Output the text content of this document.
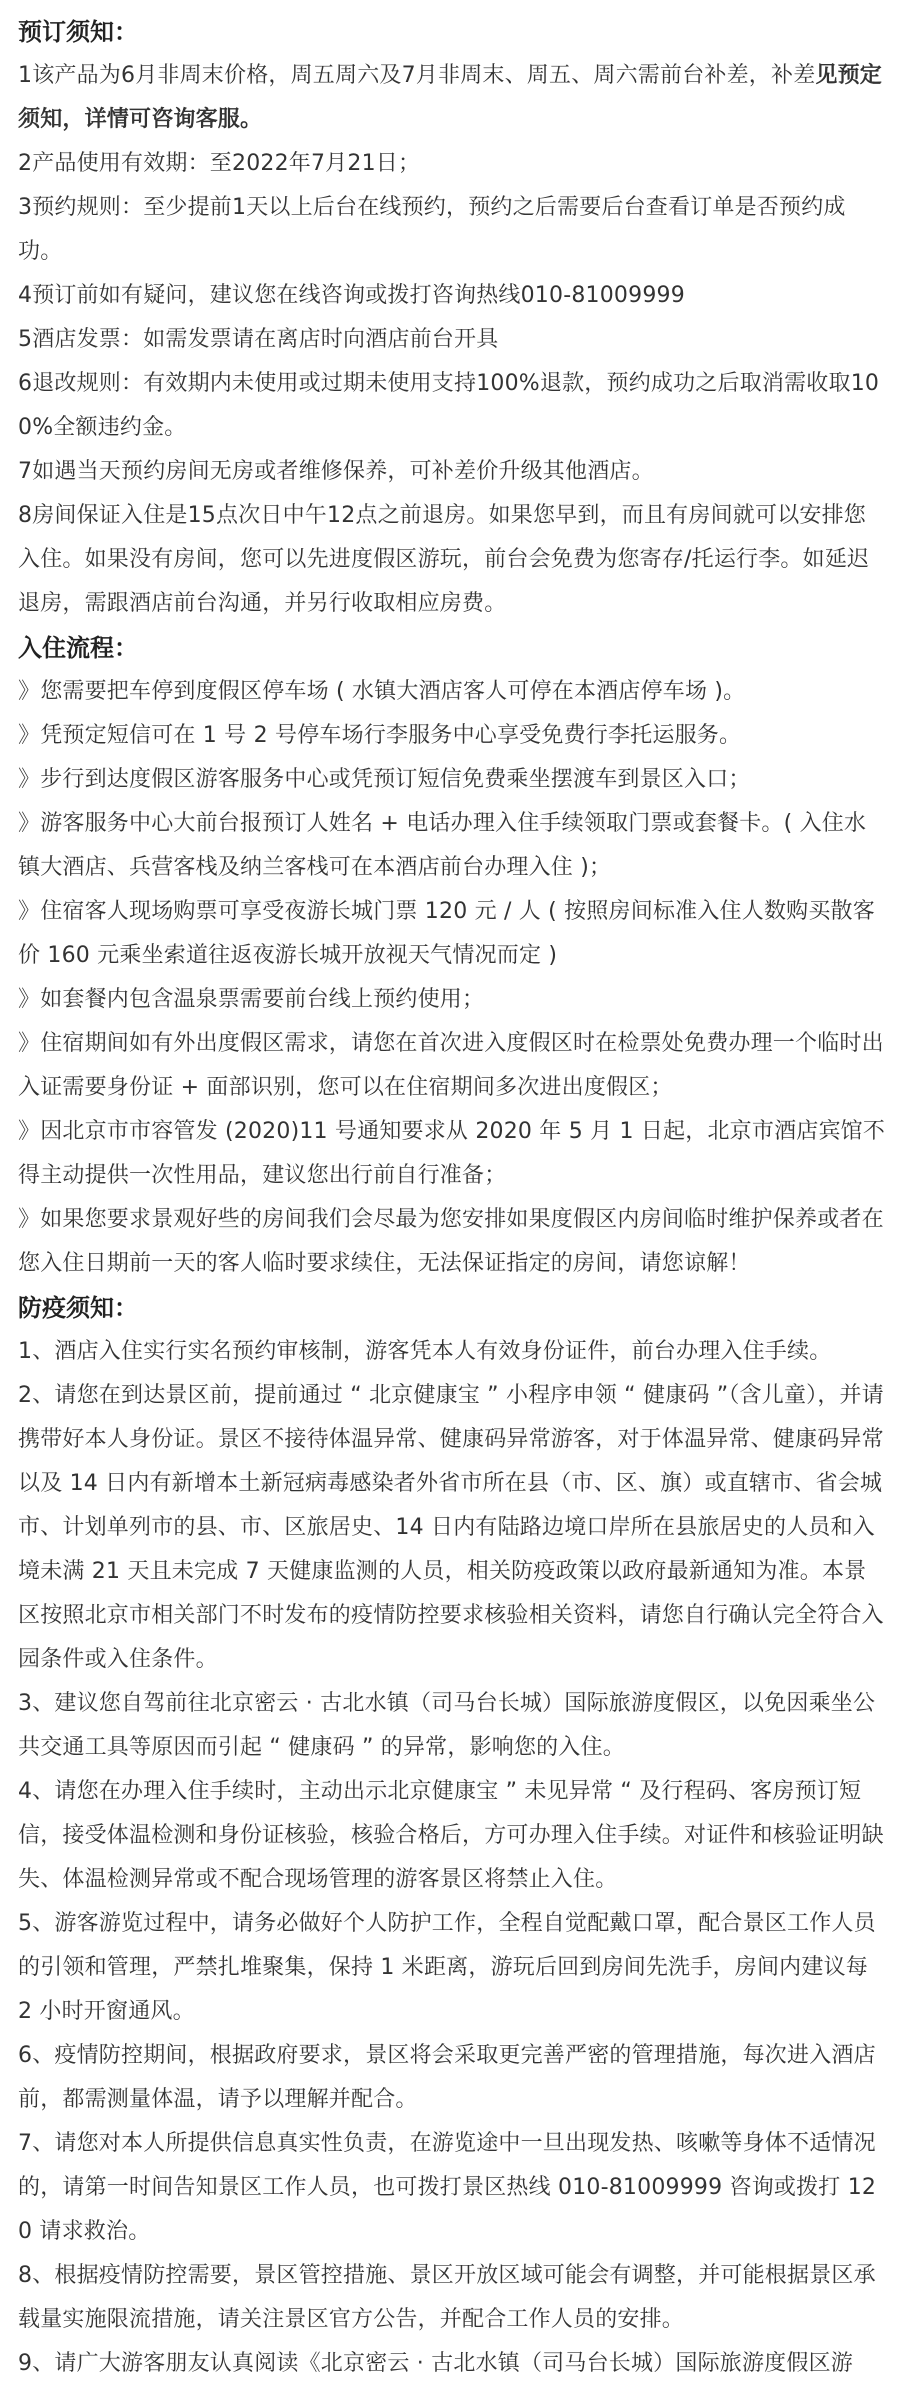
预订须知：

1该产品为6月非周末价格，周五周六及7月非周末、周五、周六需前台补差，补差见预定须知，详情可咨询客服。

2产品使用有效期：至2022年7月21日；

3预约规则：至少提前1天以上后台在线预约，预约之后需要后台查看订单是否预约成功。

4预订前如有疑问，建议您在线咨询或拨打咨询热线010-81009999

5酒店发票：如需发票请在离店时向酒店前台开具

6退改规则：有效期内未使用或过期未使用支持100%退款，预约成功之后取消需收取100%全额违约金。

7如遇当天预约房间无房或者维修保养，可补差价升级其他酒店。

8房间保证入住是15点次日中午12点之前退房。如果您早到，而且有房间就可以安排您入住。如果没有房间，您可以先进度假区游玩，前台会免费为您寄存/托运行李。如延迟退房，需跟酒店前台沟通，并另行收取相应房费。

入住流程：

》您需要把车停到度假区停车场 ( 水镇大酒店客人可停在本酒店停车场 )。

》凭预定短信可在 1 号 2 号停车场行李服务中心享受免费行李托运服务。

》步行到达度假区游客服务中心或凭预订短信免费乘坐摆渡车到景区入口；

》游客服务中心大前台报预订人姓名 + 电话办理入住手续领取门票或套餐卡。( 入住水镇大酒店、兵营客栈及纳兰客栈可在本酒店前台办理入住 )；

》住宿客人现场购票可享受夜游长城门票 120 元 / 人 ( 按照房间标准入住人数购买散客价 160 元乘坐索道往返夜游长城开放视天气情况而定 )

》如套餐内包含温泉票需要前台线上预约使用；

》住宿期间如有外出度假区需求，请您在首次进入度假区时在检票处免费办理一个临时出入证需要身份证 + 面部识别，您可以在住宿期间多次进出度假区；

》因北京市市容管发 (2020)11 号通知要求从 2020 年 5 月 1 日起，北京市酒店宾馆不得主动提供一次性用品，建议您出行前自行准备；

》如果您要求景观好些的房间我们会尽最为您安排如果度假区内房间临时维护保养或者在您入住日期前一天的客人临时要求续住，无法保证指定的房间，请您谅解！

防疫须知：

1、酒店入住实行实名预约审核制，游客凭本人有效身份证件，前台办理入住手续。

2、请您在到达景区前，提前通过 “ 北京健康宝 ” 小程序申领 “ 健康码 ”（含儿童），并请携带好本人身份证。景区不接待体温异常、健康码异常游客，对于体温异常、健康码异常以及 14 日内有新增本土新冠病毒感染者外省市所在县（市、区、旗）或直辖市、省会城市、计划单列市的县、市、区旅居史、14 日内有陆路边境口岸所在县旅居史的人员和入境未满 21 天且未完成 7 天健康监测的人员，相关防疫政策以政府最新通知为准。本景区按照北京市相关部门不时发布的疫情防控要求核验相关资料，请您自行确认完全符合入园条件或入住条件。

3、建议您自驾前往北京密云 · 古北水镇（司马台长城）国际旅游度假区，以免因乘坐公共交通工具等原因而引起 “ 健康码 ” 的异常，影响您的入住。

4、请您在办理入住手续时，主动出示北京健康宝 ” 未见异常 “ 及行程码、客房预订短信，接受体温检测和身份证核验，核验合格后，方可办理入住手续。对证件和核验证明缺失、体温检测异常或不配合现场管理的游客景区将禁止入住。

5、游客游览过程中，请务必做好个人防护工作，全程自觉配戴口罩，配合景区工作人员的引领和管理，严禁扎堆聚集，保持 1 米距离，游玩后回到房间先洗手，房间内建议每 2 小时开窗通风。

6、疫情防控期间，根据政府要求，景区将会采取更完善严密的管理措施，每次进入酒店前，都需测量体温，请予以理解并配合。

7、请您对本人所提供信息真实性负责，在游览途中一旦出现发热、咳嗽等身体不适情况的，请第一时间告知景区工作人员，也可拨打景区热线 010-81009999 咨询或拨打 120 请求救治。

8、根据疫情防控需要，景区管控措施、景区开放区域可能会有调整，并可能根据景区承载量实施限流措施，请关注景区官方公告，并配合工作人员的安排。

9、请广大游客朋友认真阅读《北京密云 · 古北水镇（司马台长城）国际旅游度假区游
